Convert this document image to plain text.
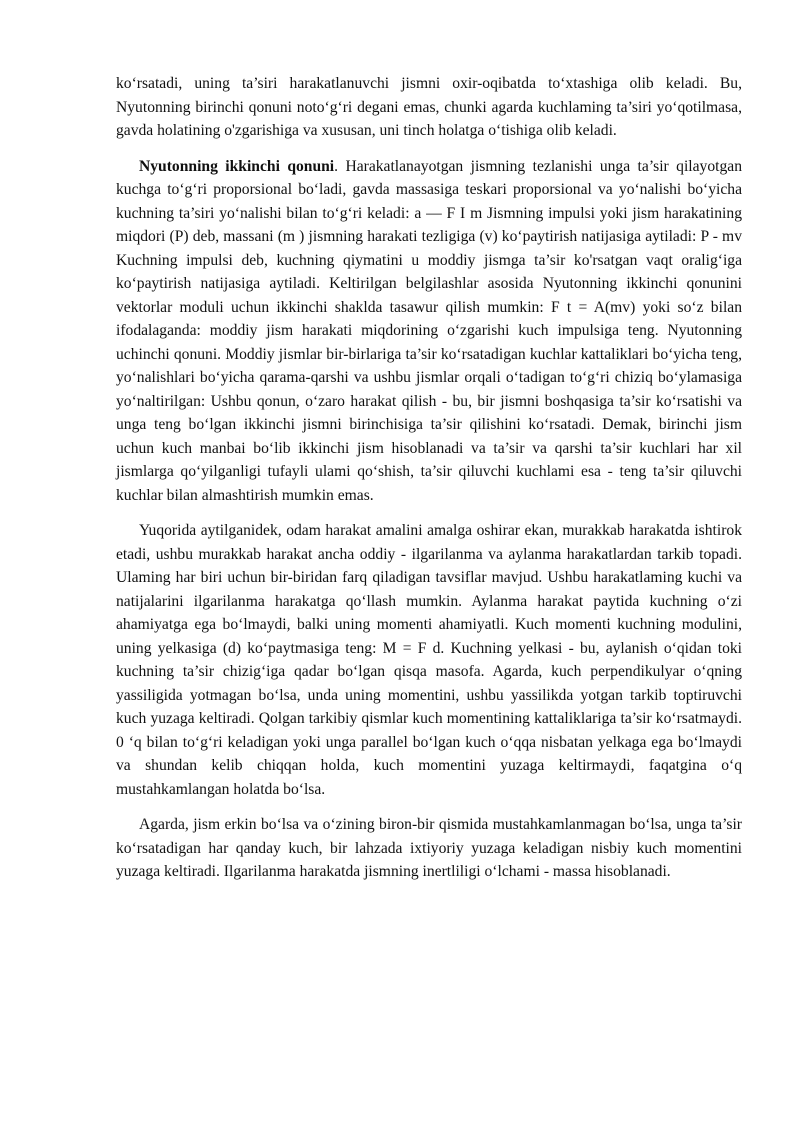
ko‘rsatadi, uning ta’siri harakatlanuvchi jismni oxir-oqibatda to‘xtashiga olib keladi. Bu, Nyutonning birinchi qonuni noto‘g‘ri degani emas, chunki agarda kuchlaming ta’siri yo‘qotilmasa, gavda holatining o'zgarishiga va xususan, uni tinch holatga o‘tishiga olib keladi.

Nyutonning ikkinchi qonuni. Harakatlanayotgan jismning tezlanishi unga ta’sir qilayotgan kuchga to‘g‘ri proporsional bo‘ladi, gavda massasiga teskari proporsional va yo‘nalishi bo‘yicha kuchning ta’siri yo‘nalishi bilan to‘g‘ri keladi: a — F I m Jismning impulsi yoki jism harakatining miqdori (P) deb, massani (m ) jismning harakati tezligiga (v) ko‘paytirish natijasiga aytiladi: P - mv Kuchning impulsi deb, kuchning qiymatini u moddiy jismga ta’sir ko'rsatgan vaqt oralig‘iga ko‘paytirish natijasiga aytiladi. Keltirilgan belgilashlar asosida Nyutonning ikkinchi qonunini vektorlar moduli uchun ikkinchi shaklda tasawur qilish mumkin: F t = A(mv) yoki so‘z bilan ifodalaganda: moddiy jism harakati miqdorining o‘zgarishi kuch impulsiga teng. Nyutonning uchinchi qonuni. Moddiy jismlar bir-birlariga ta’sir ko‘rsatadigan kuchlar kattaliklari bo‘yicha teng, yo‘nalishlari bo‘yicha qarama-qarshi va ushbu jismlar orqali o‘tadigan to‘g‘ri chiziq bo‘ylamasiga yo‘naltirilgan: Ushbu qonun, o‘zaro harakat qilish - bu, bir jismni boshqasiga ta’sir ko‘rsatishi va unga teng bo‘lgan ikkinchi jismni birinchisiga ta’sir qilishini ko‘rsatadi. Demak, birinchi jism uchun kuch manbai bo‘lib ikkinchi jism hisoblanadi va ta’sir va qarshi ta’sir kuchlari har xil jismlarga qo‘yilganligi tufayli ulami qo‘shish, ta’sir qiluvchi kuchlami esa - teng ta’sir qiluvchi kuchlar bilan almashtirish mumkin emas.

Yuqorida aytilganidek, odam harakat amalini amalga oshirar ekan, murakkab harakatda ishtirok etadi, ushbu murakkab harakat ancha oddiy - ilgarilanma va aylanma harakatlardan tarkib topadi. Ulaming har biri uchun bir-biridan farq qiladigan tavsiflar mavjud. Ushbu harakatlaming kuchi va natijalarini ilgarilanma harakatga qo‘llash mumkin. Aylanma harakat paytida kuchning o‘zi ahamiyatga ega bo‘lmaydi, balki uning momenti ahamiyatli. Kuch momenti kuchning modulini, uning yelkasiga (d) ko‘paytmasiga teng: M = F d. Kuchning yelkasi - bu, aylanish o‘qidan toki kuchning ta’sir chizig‘iga qadar bo‘lgan qisqa masofa. Agarda, kuch perpendikulyar o‘qning yassiligida yotmagan bo‘lsa, unda uning momentini, ushbu yassilikda yotgan tarkib toptiruvchi kuch yuzaga keltiradi. Qolgan tarkibiy qismlar kuch momentining kattaliklariga ta’sir ko‘rsatmaydi. 0 ‘q bilan to‘g‘ri keladigan yoki unga parallel bo‘lgan kuch o‘qqa nisbatan yelkaga ega bo‘lmaydi va shundan kelib chiqqan holda, kuch momentini yuzaga keltirmaydi, faqatgina o‘q mustahkamlangan holatda bo‘lsa.

Agarda, jism erkin bo‘lsa va o‘zining biron-bir qismida mustahkamlanmagan bo‘lsa, unga ta’sir ko‘rsatadigan har qanday kuch, bir lahzada ixtiyoriy yuzaga keladigan nisbiy kuch momentini yuzaga keltiradi. Ilgarilanma harakatda jismning inertliligi o‘lchami - massa hisoblanadi.
